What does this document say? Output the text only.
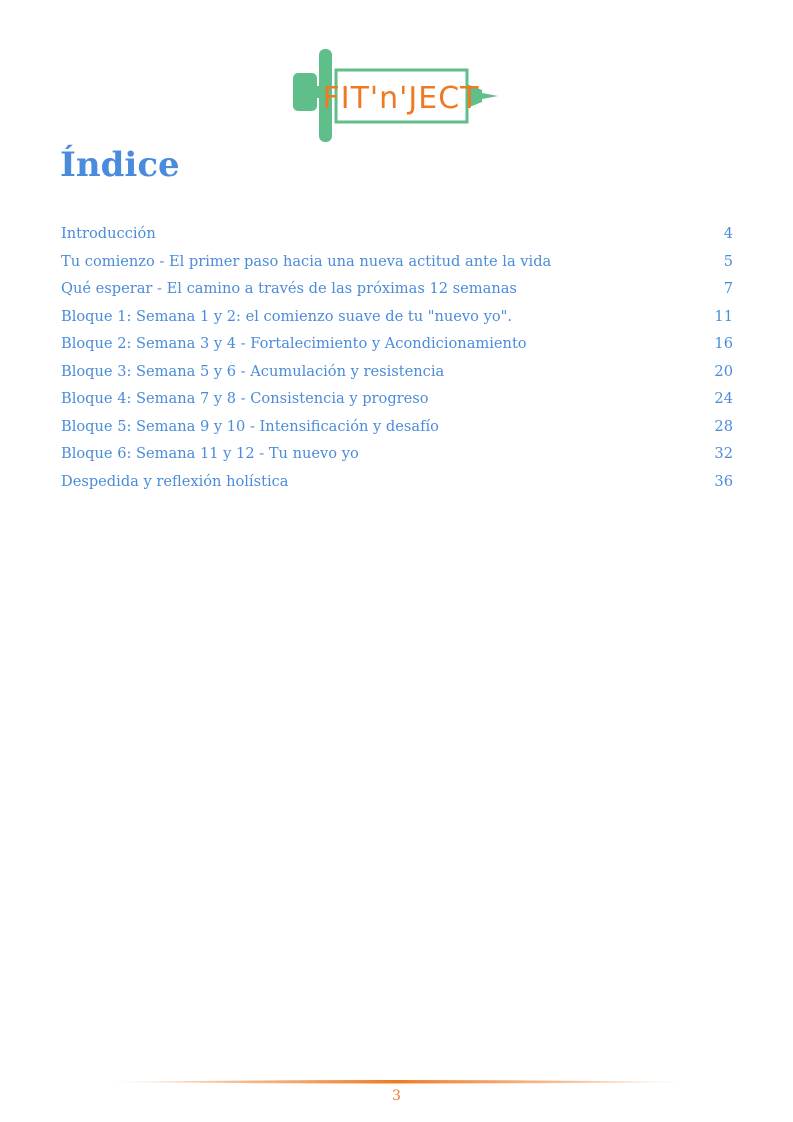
FIT'n'JECT
Índice
Introducción	4
Tu comienzo - El primer paso hacia una nueva actitud ante la vida	5
Qué esperar - El camino a través de las próximas 12 semanas	7
Bloque 1: Semana 1 y 2: el comienzo suave de tu "nuevo yo".	11
Bloque 2: Semana 3 y 4 - Fortalecimiento y Acondicionamiento	16
Bloque 3: Semana 5 y 6 - Acumulación y resistencia	20
Bloque 4: Semana 7 y 8 - Consistencia y progreso	24
Bloque 5: Semana 9 y 10 - Intensificación y desafío	28
Bloque 6: Semana 11 y 12 - Tu nuevo yo	32
Despedida y reflexión holística	36
3
